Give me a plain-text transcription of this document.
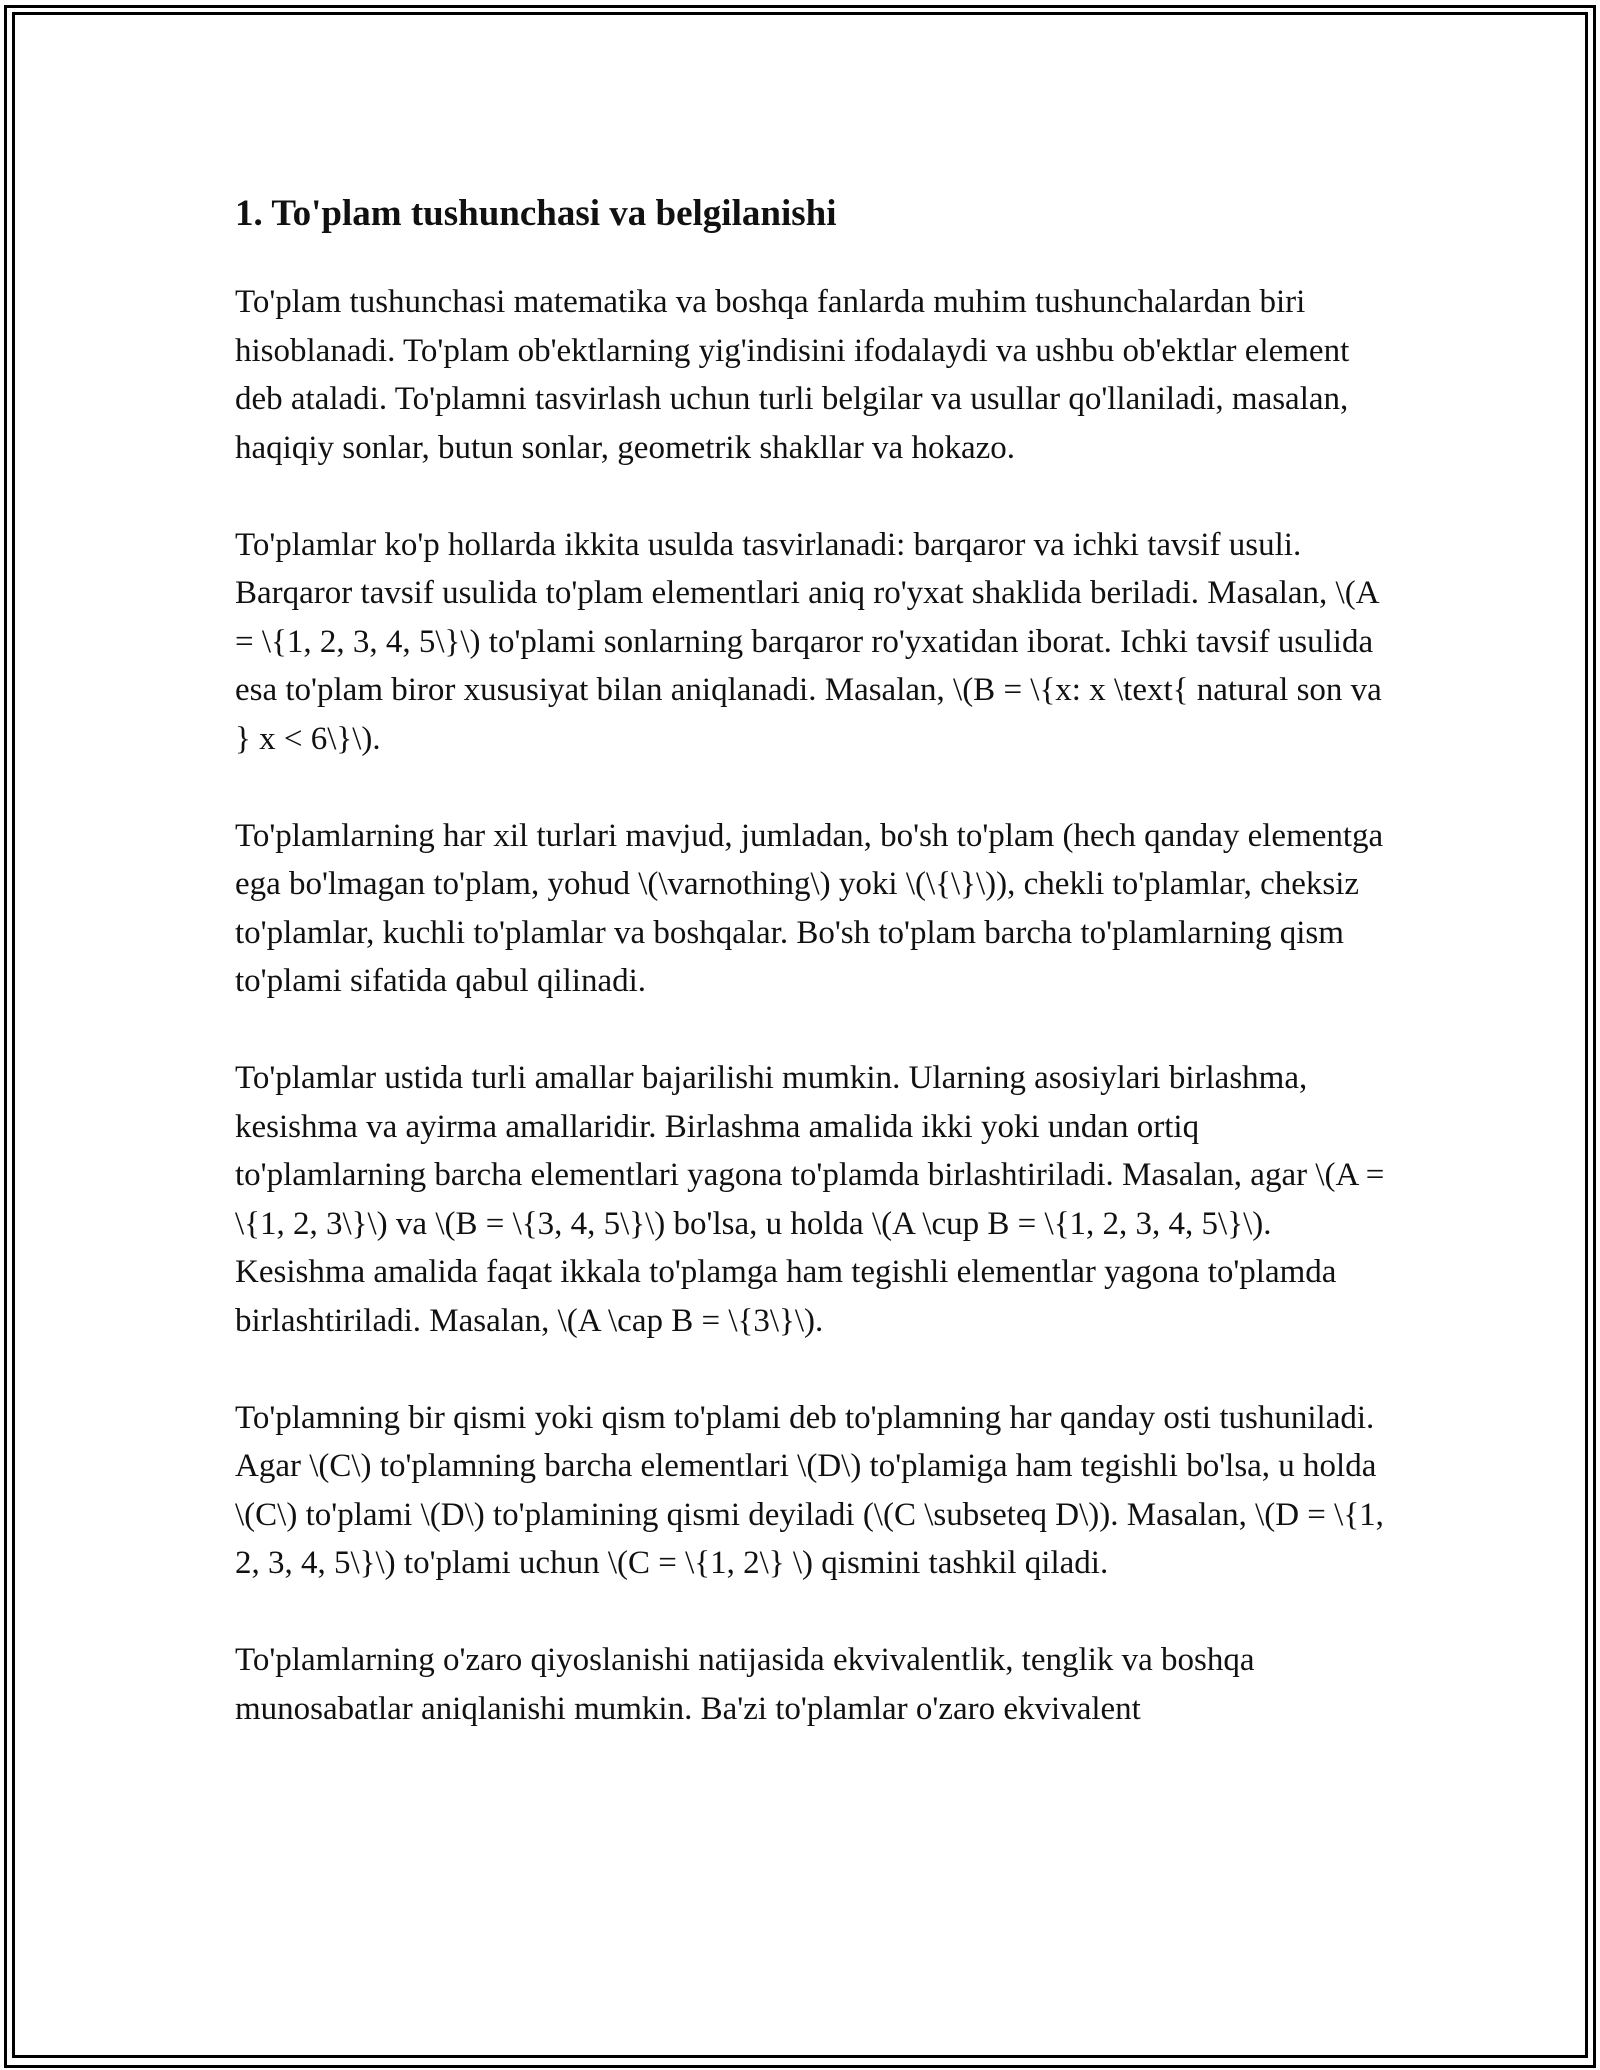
1. To'plam tushunchasi va belgilanishi

To'plam tushunchasi matematika va boshqa fanlarda muhim tushunchalardan biri hisoblanadi. To'plam ob'ektlarning yig'indisini ifodalaydi va ushbu ob'ektlar element deb ataladi. To'plamni tasvirlash uchun turli belgilar va usullar qo'llaniladi, masalan, haqiqiy sonlar, butun sonlar, geometrik shakllar va hokazo.

To'plamlar ko'p hollarda ikkita usulda tasvirlanadi: barqaror va ichki tavsif usuli. Barqaror tavsif usulida to'plam elementlari aniq ro'yxat shaklida beriladi. Masalan, \(A = \{1, 2, 3, 4, 5\}\) to'plami sonlarning barqaror ro'yxatidan iborat. Ichki tavsif usulida esa to'plam biror xususiyat bilan aniqlanadi. Masalan, \(B = \{x: x \text{ natural son va } x < 6\}\).

To'plamlarning har xil turlari mavjud, jumladan, bo'sh to'plam (hech qanday elementga ega bo'lmagan to'plam, yohud \(\varnothing\) yoki \(\{\}\)), chekli to'plamlar, cheksiz to'plamlar, kuchli to'plamlar va boshqalar. Bo'sh to'plam barcha to'plamlarning qism to'plami sifatida qabul qilinadi.

To'plamlar ustida turli amallar bajarilishi mumkin. Ularning asosiylari birlashma, kesishma va ayirma amallaridir. Birlashma amalida ikki yoki undan ortiq to'plamlarning barcha elementlari yagona to'plamda birlashtiriladi. Masalan, agar \(A = \{1, 2, 3\}\) va \(B = \{3, 4, 5\}\) bo'lsa, u holda \(A \cup B = \{1, 2, 3, 4, 5\}\). Kesishma amalida faqat ikkala to'plamga ham tegishli elementlar yagona to'plamda birlashtiriladi. Masalan, \(A \cap B = \{3\}\).

To'plamning bir qismi yoki qism to'plami deb to'plamning har qanday osti tushuniladi. Agar \(C\) to'plamning barcha elementlari \(D\) to'plamiga ham tegishli bo'lsa, u holda \(C\) to'plami \(D\) to'plamining qismi deyiladi (\(C \subseteq D\)). Masalan, \(D = \{1, 2, 3, 4, 5\}\) to'plami uchun \(C = \{1, 2\} \) qismini tashkil qiladi.

To'plamlarning o'zaro qiyoslanishi natijasida ekvivalentlik, tenglik va boshqa munosabatlar aniqlanishi mumkin. Ba'zi to'plamlar o'zaro ekvivalent
